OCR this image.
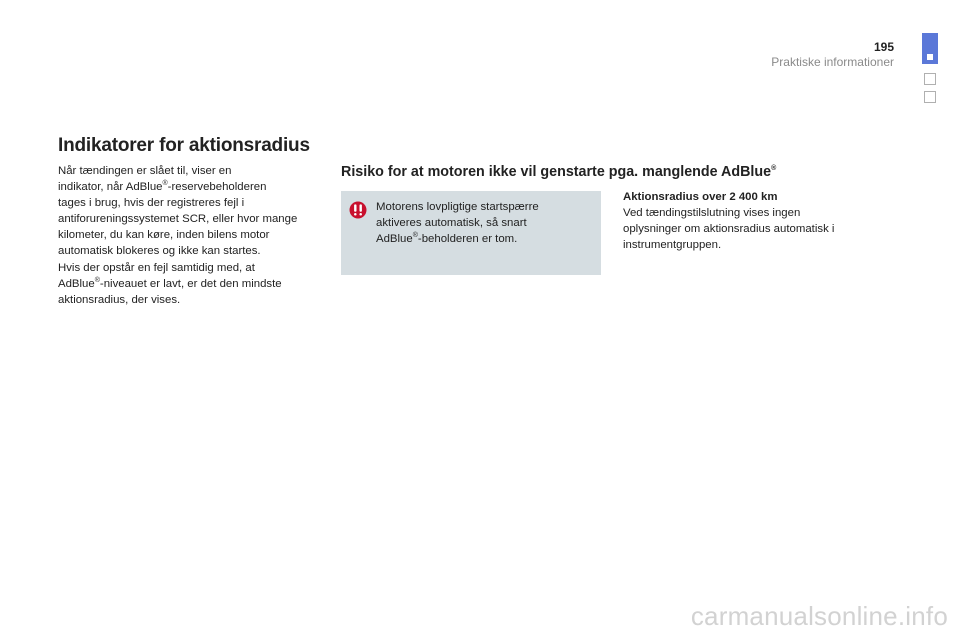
195
Praktiske informationer
Indikatorer for aktionsradius
Når tændingen er slået til, viser en
indikator, når AdBlue®-reservebeholderen
tages i brug, hvis der registreres fejl i
antiforureningssystemet SCR, eller hvor mange
kilometer, du kan køre, inden bilens motor
automatisk blokeres og ikke kan startes.
Hvis der opstår en fejl samtidig med, at
AdBlue®-niveauet er lavt, er det den mindste
aktionsradius, der vises.
Risiko for at motoren ikke vil genstarte pga. manglende AdBlue®
Motorens lovpligtige startspærre
aktiveres automatisk, så snart
AdBlue®-beholderen er tom.
Aktionsradius over 2 400 km
Ved tændingstilslutning vises ingen
oplysninger om aktionsradius automatisk i
instrumentgruppen.
carmanualsonline.info
